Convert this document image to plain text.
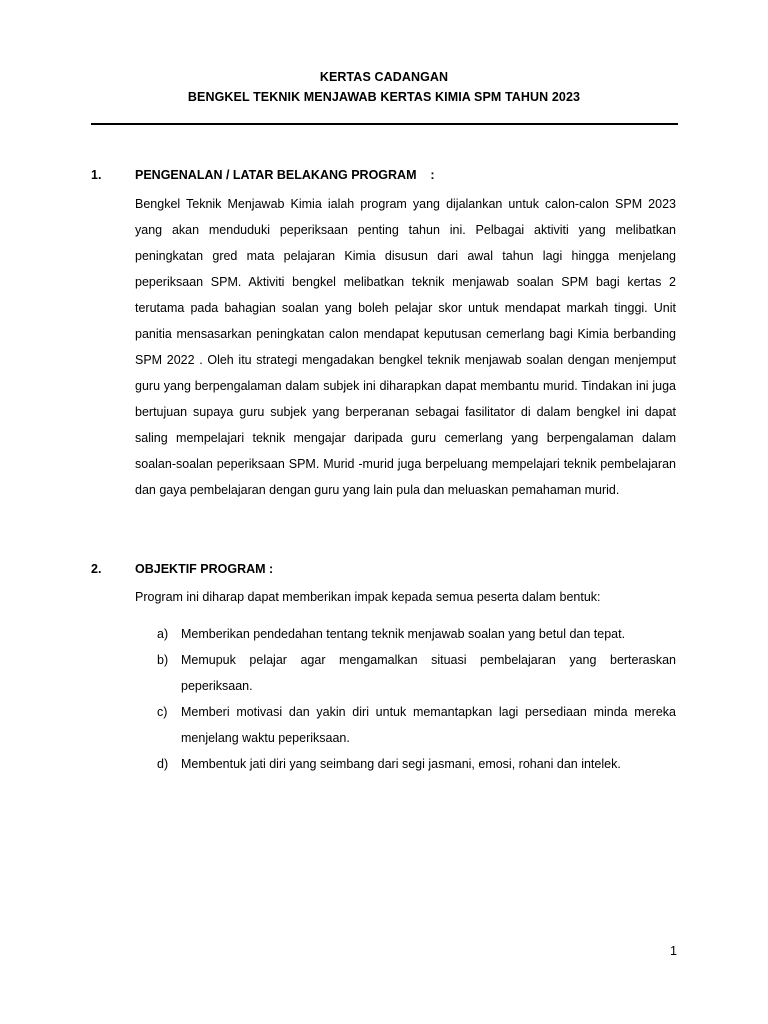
KERTAS CADANGAN
BENGKEL TEKNIK MENJAWAB KERTAS KIMIA SPM TAHUN 2023
1.	PENGENALAN / LATAR BELAKANG PROGRAM    :
Bengkel Teknik Menjawab Kimia ialah program yang dijalankan untuk calon-calon SPM 2023 yang akan menduduki peperiksaan penting tahun ini. Pelbagai aktiviti yang melibatkan peningkatan gred mata pelajaran Kimia disusun dari awal tahun lagi hingga menjelang peperiksaan SPM. Aktiviti bengkel melibatkan teknik menjawab soalan SPM bagi kertas 2 terutama pada bahagian soalan yang boleh pelajar skor untuk mendapat markah tinggi. Unit panitia mensasarkan peningkatan calon mendapat keputusan cemerlang bagi Kimia berbanding SPM 2022 . Oleh itu strategi mengadakan bengkel teknik menjawab soalan dengan menjemput guru yang berpengalaman dalam subjek ini diharapkan dapat membantu murid. Tindakan ini juga bertujuan supaya guru subjek yang berperanan sebagai fasilitator di dalam bengkel ini dapat saling mempelajari teknik mengajar daripada guru cemerlang yang berpengalaman dalam soalan-soalan peperiksaan SPM. Murid -murid juga berpeluang mempelajari teknik pembelajaran dan gaya pembelajaran dengan guru yang lain pula dan meluaskan pemahaman murid.
2.	OBJEKTIF PROGRAM :
Program ini diharap dapat memberikan impak kepada semua peserta dalam bentuk:
a) Memberikan pendedahan tentang teknik menjawab soalan yang betul dan tepat.
b) Memupuk pelajar agar mengamalkan situasi pembelajaran yang berteraskan peperiksaan.
c) Memberi motivasi dan yakin diri untuk memantapkan lagi persediaan minda mereka menjelang waktu peperiksaan.
d) Membentuk jati diri yang seimbang dari segi jasmani, emosi, rohani dan intelek.
1
